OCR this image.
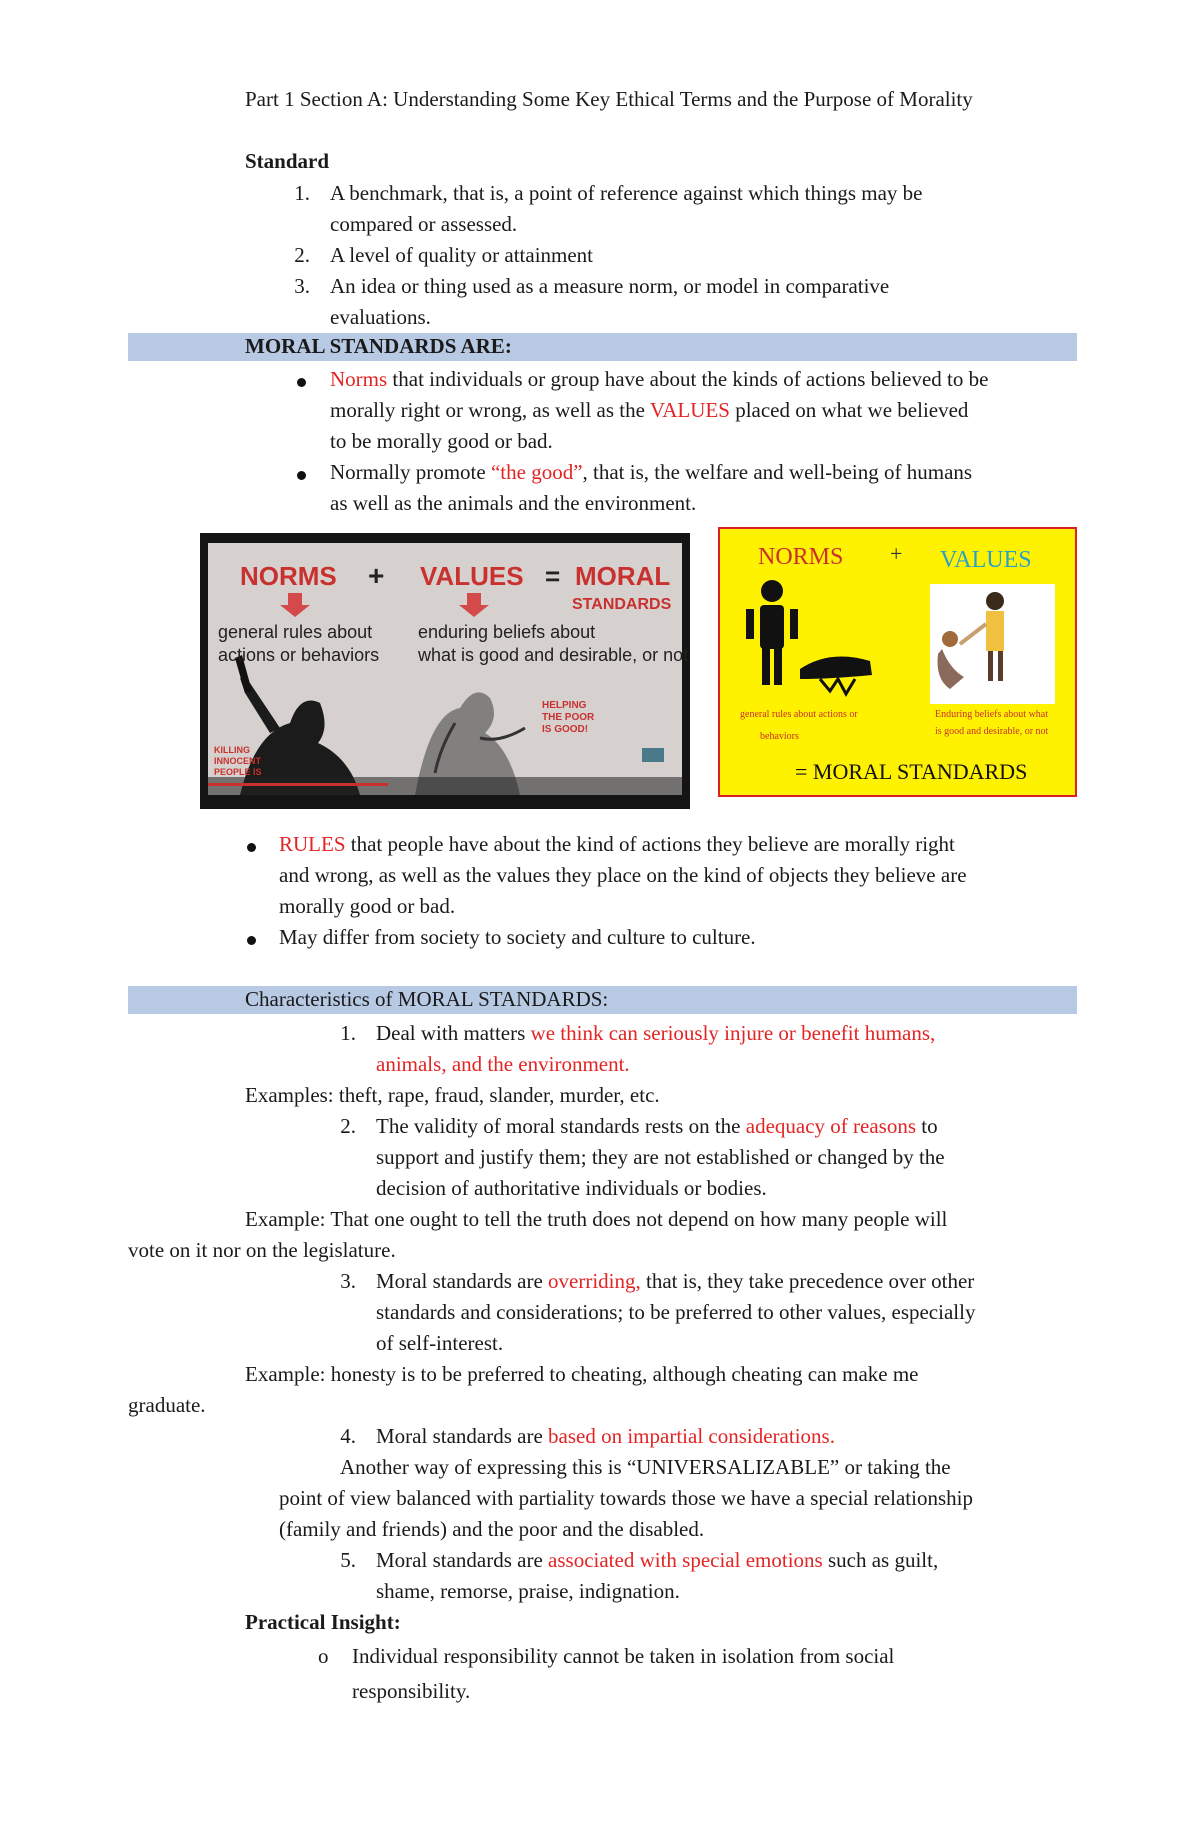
Part 1 Section A: Understanding Some Key Ethical Terms and the Purpose of Morality
Standard
1. A benchmark, that is, a point of reference against which things may be
compared or assessed.
2. A level of quality or attainment
3. An idea or thing used as a measure norm, or model in comparative
evaluations.
MORAL STANDARDS ARE:
Norms that individuals or group have about the kinds of actions believed to be
morally right or wrong, as well as the VALUES placed on what we believed
to be morally good or bad.
Normally promote “the good”, that is, the welfare and well-being of humans
as well as the animals and the environment.
NORMS + VALUES = MORAL
STANDARDS
general rules about
actions or behaviors
enduring beliefs about
what is good and desirable, or not
HELPING
THE POOR
IS GOOD!
KILLING
INNOCENT
PEOPLE IS
NORMS + VALUES
general rules about actions or
behaviors
Enduring beliefs about what
is good and desirable, or not
= MORAL STANDARDS
RULES that people have about the kind of actions they believe are morally right
and wrong, as well as the values they place on the kind of objects they believe are
morally good or bad.
May differ from society to society and culture to culture.
Characteristics of MORAL STANDARDS:
1. Deal with matters we think can seriously injure or benefit humans,
animals, and the environment.
Examples: theft, rape, fraud, slander, murder, etc.
2. The validity of moral standards rests on the adequacy of reasons to
support and justify them; they are not established or changed by the
decision of authoritative individuals or bodies.
Example: That one ought to tell the truth does not depend on how many people will
vote on it nor on the legislature.
3. Moral standards are overriding, that is, they take precedence over other
standards and considerations; to be preferred to other values, especially
of self-interest.
Example: honesty is to be preferred to cheating, although cheating can make me
graduate.
4. Moral standards are based on impartial considerations.
Another way of expressing this is “UNIVERSALIZABLE” or taking the
point of view balanced with partiality towards those we have a special relationship
(family and friends) and the poor and the disabled.
5. Moral standards are associated with special emotions such as guilt,
shame, remorse, praise, indignation.
Practical Insight:
o Individual responsibility cannot be taken in isolation from social
responsibility.
